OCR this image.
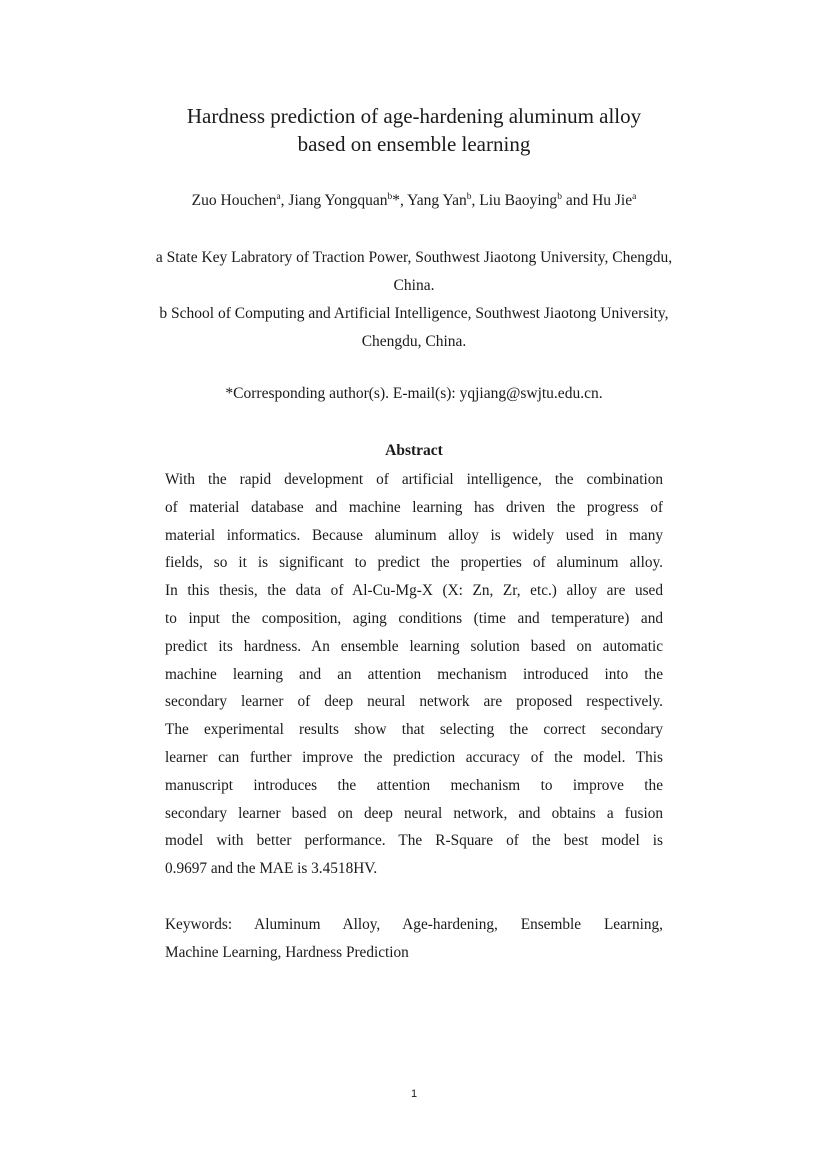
Hardness prediction of age-hardening aluminum alloy
based on ensemble learning
Zuo Houchen$^a$, Jiang Yongquan$^b$*, Yang Yan$^b$, Liu Baoying$^b$ and Hu Jie$^a$
a State Key Labratory of Traction Power, Southwest Jiaotong University, Chengdu,
China.
b School of Computing and Artificial Intelligence, Southwest Jiaotong University,
Chengdu, China.
*Corresponding author(s). E-mail(s): yqjiang@swjtu.edu.cn.
Abstract
With the rapid development of artificial intelligence, the combination
of material database and machine learning has driven the progress of
material informatics. Because aluminum alloy is widely used in many
fields, so it is significant to predict the properties of aluminum alloy.
In this thesis, the data of Al-Cu-Mg-X (X: Zn, Zr, etc.) alloy are used
to input the composition, aging conditions (time and temperature) and
predict its hardness. An ensemble learning solution based on automatic
machine learning and an attention mechanism introduced into the
secondary learner of deep neural network are proposed respectively.
The experimental results show that selecting the correct secondary
learner can further improve the prediction accuracy of the model. This
manuscript introduces the attention mechanism to improve the
secondary learner based on deep neural network, and obtains a fusion
model with better performance. The R-Square of the best model is
0.9697 and the MAE is 3.4518HV.
Keywords: Aluminum Alloy, Age-hardening, Ensemble Learning,
Machine Learning, Hardness Prediction
1
